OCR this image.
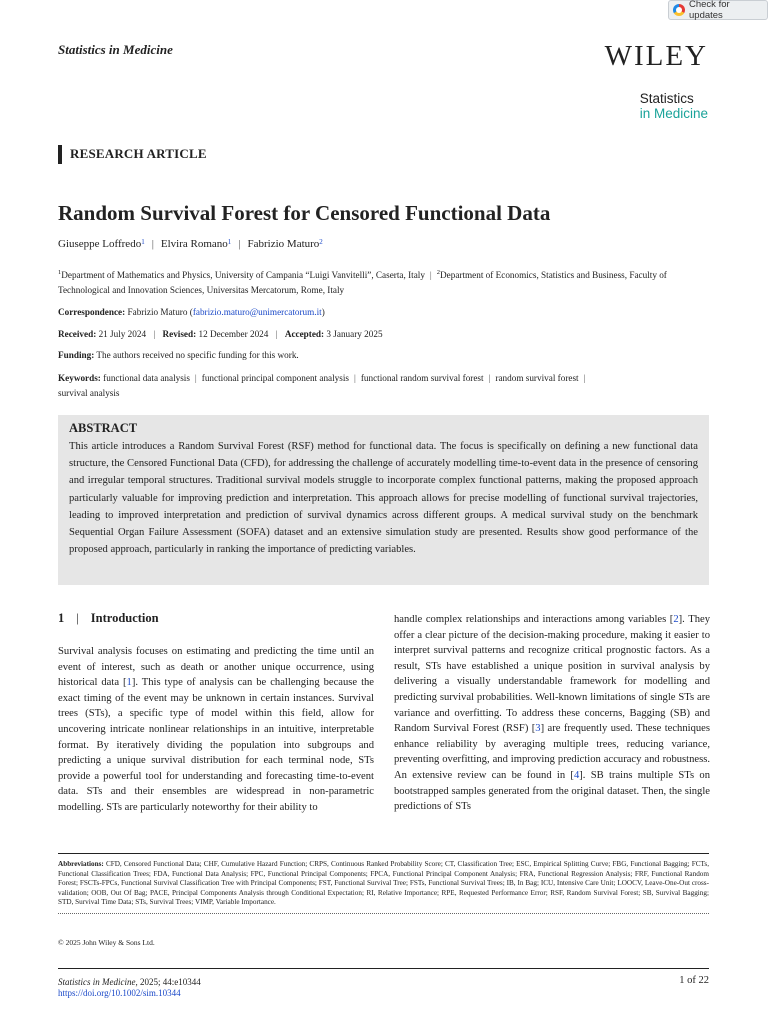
Check for updates
Statistics in Medicine	WILEY
Statistics
in Medicine
RESEARCH ARTICLE
Random Survival Forest for Censored Functional Data
Giuseppe Loffredo 1 | Elvira Romano 1 | Fabrizio Maturo 2
$^1$Department of Mathematics and Physics, University of Campania “Luigi Vanvitelli”, Caserta, Italy | $^2$Department of Economics, Statistics and Business, Faculty of Technological and Innovation Sciences, Universitas Mercatorum, Rome, Italy
Correspondence: Fabrizio Maturo (fabrizio.maturo@unimercatorum.it)
Received: 21 July 2024 | Revised: 12 December 2024 | Accepted: 3 January 2025
Funding: The authors received no specific funding for this work.
Keywords: functional data analysis | functional principal component analysis | functional random survival forest | random survival forest |
survival analysis
ABSTRACT
This article introduces a Random Survival Forest (RSF) method for functional data. The focus is specifically on defining a new functional data structure, the Censored Functional Data (CFD), for addressing the challenge of accurately modelling time-to-event data in the presence of censoring and irregular temporal structures. Traditional survival models struggle to incorporate complex functional patterns, making the proposed approach particularly valuable for improving prediction and interpretation. This approach allows for precise modelling of functional survival trajectories, leading to improved interpretation and prediction of survival dynamics across different groups. A medical survival study on the benchmark Sequential Organ Failure Assessment (SOFA) dataset and an extensive simulation study are presented. Results show good performance of the proposed approach, particularly in ranking the importance of predicting variables.
1 | Introduction
Survival analysis focuses on estimating and predicting the time until an event of interest, such as death or another unique occurrence, using historical data [1]. This type of analysis can be challenging because the exact timing of the event may be unknown in certain instances. Survival trees (STs), a specific type of model within this field, allow for uncovering intricate nonlinear relationships in an intuitive, interpretable format. By iteratively dividing the population into subgroups and predicting a unique survival distribution for each terminal node, STs provide a powerful tool for understanding and forecasting time-to-event data. STs and their ensembles are widespread in non-parametric modelling. STs are particularly noteworthy for their ability to
handle complex relationships and interactions among variables [2]. They offer a clear picture of the decision-making procedure, making it easier to interpret survival patterns and recognize critical prognostic factors. As a result, STs have established a unique position in survival analysis by delivering a visually understandable framework for modelling and predicting survival probabilities. Well-known limitations of single STs are variance and overfitting. To address these concerns, Bagging (SB) and Random Survival Forest (RSF) [3] are frequently used. These techniques enhance reliability by averaging multiple trees, reducing variance, preventing overfitting, and improving prediction accuracy and robustness. An extensive review can be found in [4]. SB trains multiple STs on bootstrapped samples generated from the original dataset. Then, the single predictions of STs
Abbreviations: CFD, Censored Functional Data; CHF, Cumulative Hazard Function; CRPS, Continuous Ranked Probability Score; CT, Classification Tree; ESC, Empirical Splitting Curve; FBG, Functional Bagging; FCTs, Functional Classification Trees; FDA, Functional Data Analysis; FPC, Functional Principal Components; FPCA, Functional Principal Component Analysis; FRA, Functional Regression Analysis; FRF, Functional Random Forest; FSCTs-FPCs, Functional Survival Classification Tree with Principal Components; FST, Functional Survival Tree; FSTs, Functional Survival Trees; IB, In Bag; ICU, Intensive Care Unit; LOOCV, Leave-One-Out cross-validation; OOB, Out Of Bag; PACE, Principal Components Analysis through Conditional Expectation; RI, Relative Importance; RPE, Requested Performance Error; RSF, Random Survival Forest; SB, Survival Bagging; STD, Survival Time Data; STs, Survival Trees; VIMP, Variable Importance.
© 2025 John Wiley & Sons Ltd.
Statistics in Medicine, 2025; 44:e10344
https://doi.org/10.1002/sim.10344
1 of 22
